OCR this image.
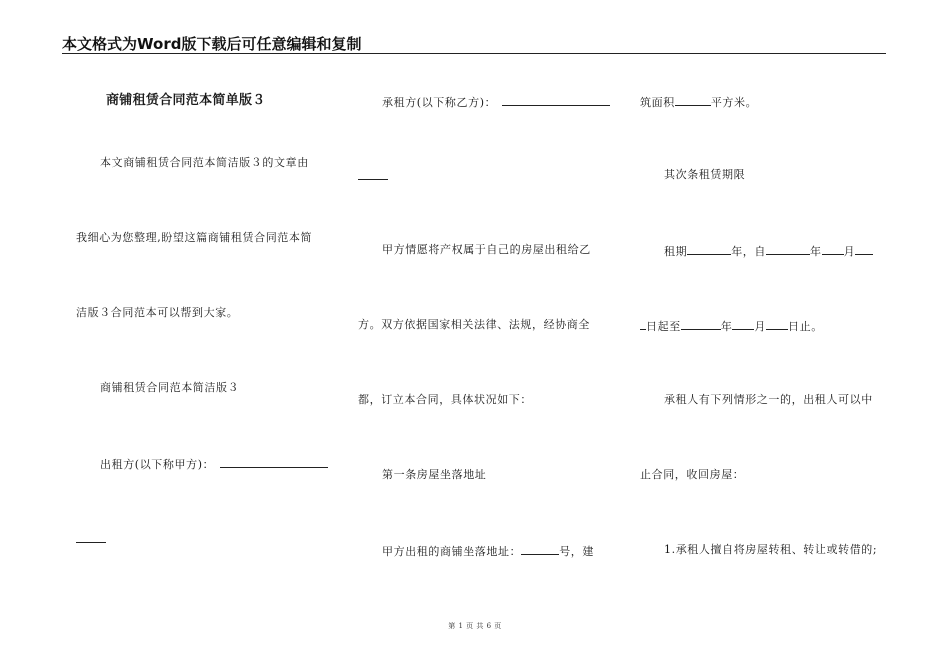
本文格式为Word版下载后可任意编辑和复制
商铺租赁合同范本简单版３
本文商铺租赁合同范本简洁版３的文章由
我细心为您整理,盼望这篇商铺租赁合同范本简
洁版３合同范本可以帮到大家。
商铺租赁合同范本简洁版３
出租方(以下称甲方)：
承租方(以下称乙方)：
甲方情愿将产权属于自己的房屋出租给乙
方。双方依据国家相关法律、法规，经协商全
都，订立本合同，具体状况如下：
第一条房屋坐落地址
甲方出租的商铺坐落地址：	号，建
筑面积	平方米。
其次条租赁期限
租期	年，自	年 月
日起至	年 月 日止。
承租人有下列情形之一的，出租人可以中
止合同，收回房屋：
1.承租人擅自将房屋转租、转让或转借的;
第 1 页 共 6 页
